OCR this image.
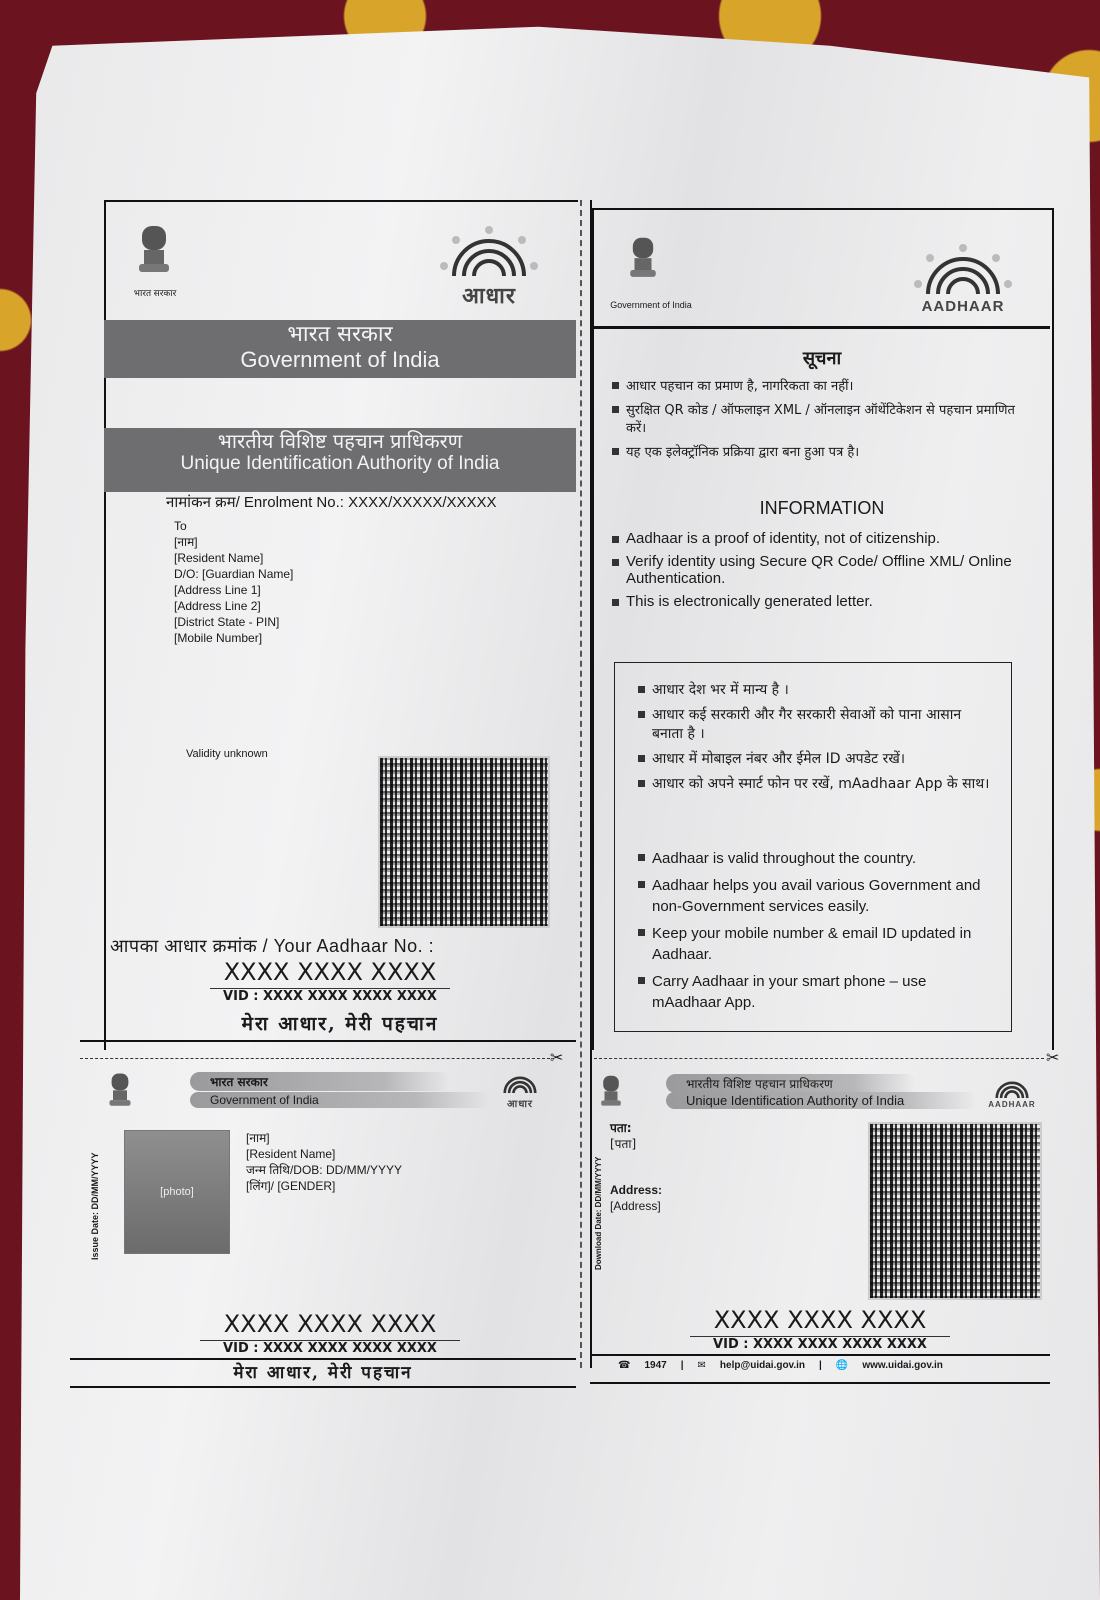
भारत सरकार	आधार
भारत सरकार
Government of India
भारतीय विशिष्ट पहचान प्राधिकरण
Unique Identification Authority of India
नामांकन क्रम/ Enrolment No.: XXXX/XXXXX/XXXXX
To
[नाम]
[Resident Name]
D/O: [Guardian Name]
[Address Line 1]
[Address Line 2]
[District State - PIN]
[Mobile Number]
Validity unknown
आपका आधार क्रमांक / Your Aadhaar No. :
XXXX XXXX XXXX
VID : XXXX XXXX XXXX XXXX
मेरा आधार, मेरी पहचान
Government of India	AADHAAR
सूचना
आधार पहचान का प्रमाण है, नागरिकता का नहीं।
सुरक्षित QR कोड / ऑफलाइन XML / ऑनलाइन ऑथेंटिकेशन से पहचान प्रमाणित करें।
यह एक इलेक्ट्रॉनिक प्रक्रिया द्वारा बना हुआ पत्र है।
INFORMATION
Aadhaar is a proof of identity, not of citizenship.
Verify identity using Secure QR Code/ Offline XML/ Online Authentication.
This is electronically generated letter.
आधार देश भर में मान्य है ।
आधार कई सरकारी और गैर सरकारी सेवाओं को पाना आसान बनाता है ।
आधार में मोबाइल नंबर और ईमेल ID अपडेट रखें।
आधार को अपने स्मार्ट फोन पर रखें, mAadhaar App के साथ।
Aadhaar is valid throughout the country.
Aadhaar helps you avail various Government and non-Government services easily.
Keep your mobile number & email ID updated in Aadhaar.
Carry Aadhaar in your smart phone – use mAadhaar App.
✂	✂
भारत सरकार
Government of India	आधार
Issue Date: DD/MM/YYYY	[photo]
[नाम]
[Resident Name]
जन्म तिथि/DOB: DD/MM/YYYY
[लिंग]/ [GENDER]
XXXX XXXX XXXX
VID : XXXX XXXX XXXX XXXX
मेरा आधार, मेरी पहचान
भारतीय विशिष्ट पहचान प्राधिकरण
Unique Identification Authority of India	AADHAAR
Download Date: DD/MM/YYYY
पता:
[पता]
Address:
[Address]
XXXX XXXX XXXX
VID : XXXX XXXX XXXX XXXX
☎ 1947 | ✉ help@uidai.gov.in | 🌐 www.uidai.gov.in
